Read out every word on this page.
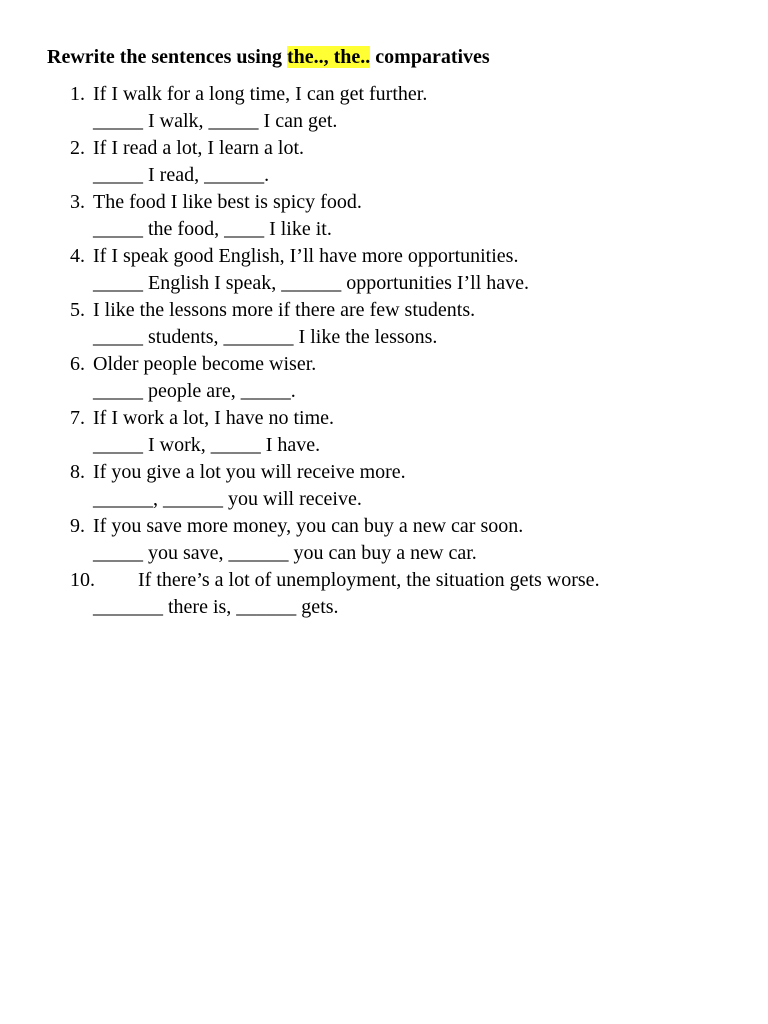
Rewrite the sentences using the.., the.. comparatives
1. If I walk for a long time, I can get further.
_____ I walk, _____ I can get.
2. If I read a lot, I learn a lot.
_____ I read, ______.
3. The food I like best is spicy food.
_____ the food, ____ I like it.
4. If I speak good English, I’ll have more opportunities.
_____ English I speak, ______ opportunities I’ll have.
5. I like the lessons more if there are few students.
_____ students, _______ I like the lessons.
6. Older people become wiser.
_____ people are, _____.
7. If I work a lot, I have no time.
_____ I work, _____ I have.
8. If you give a lot you will receive more.
______, ______ you will receive.
9. If you save more money, you can buy a new car soon.
_____ you save, ______ you can buy a new car.
10. If there’s a lot of unemployment, the situation gets worse.
_______ there is, ______ gets.
